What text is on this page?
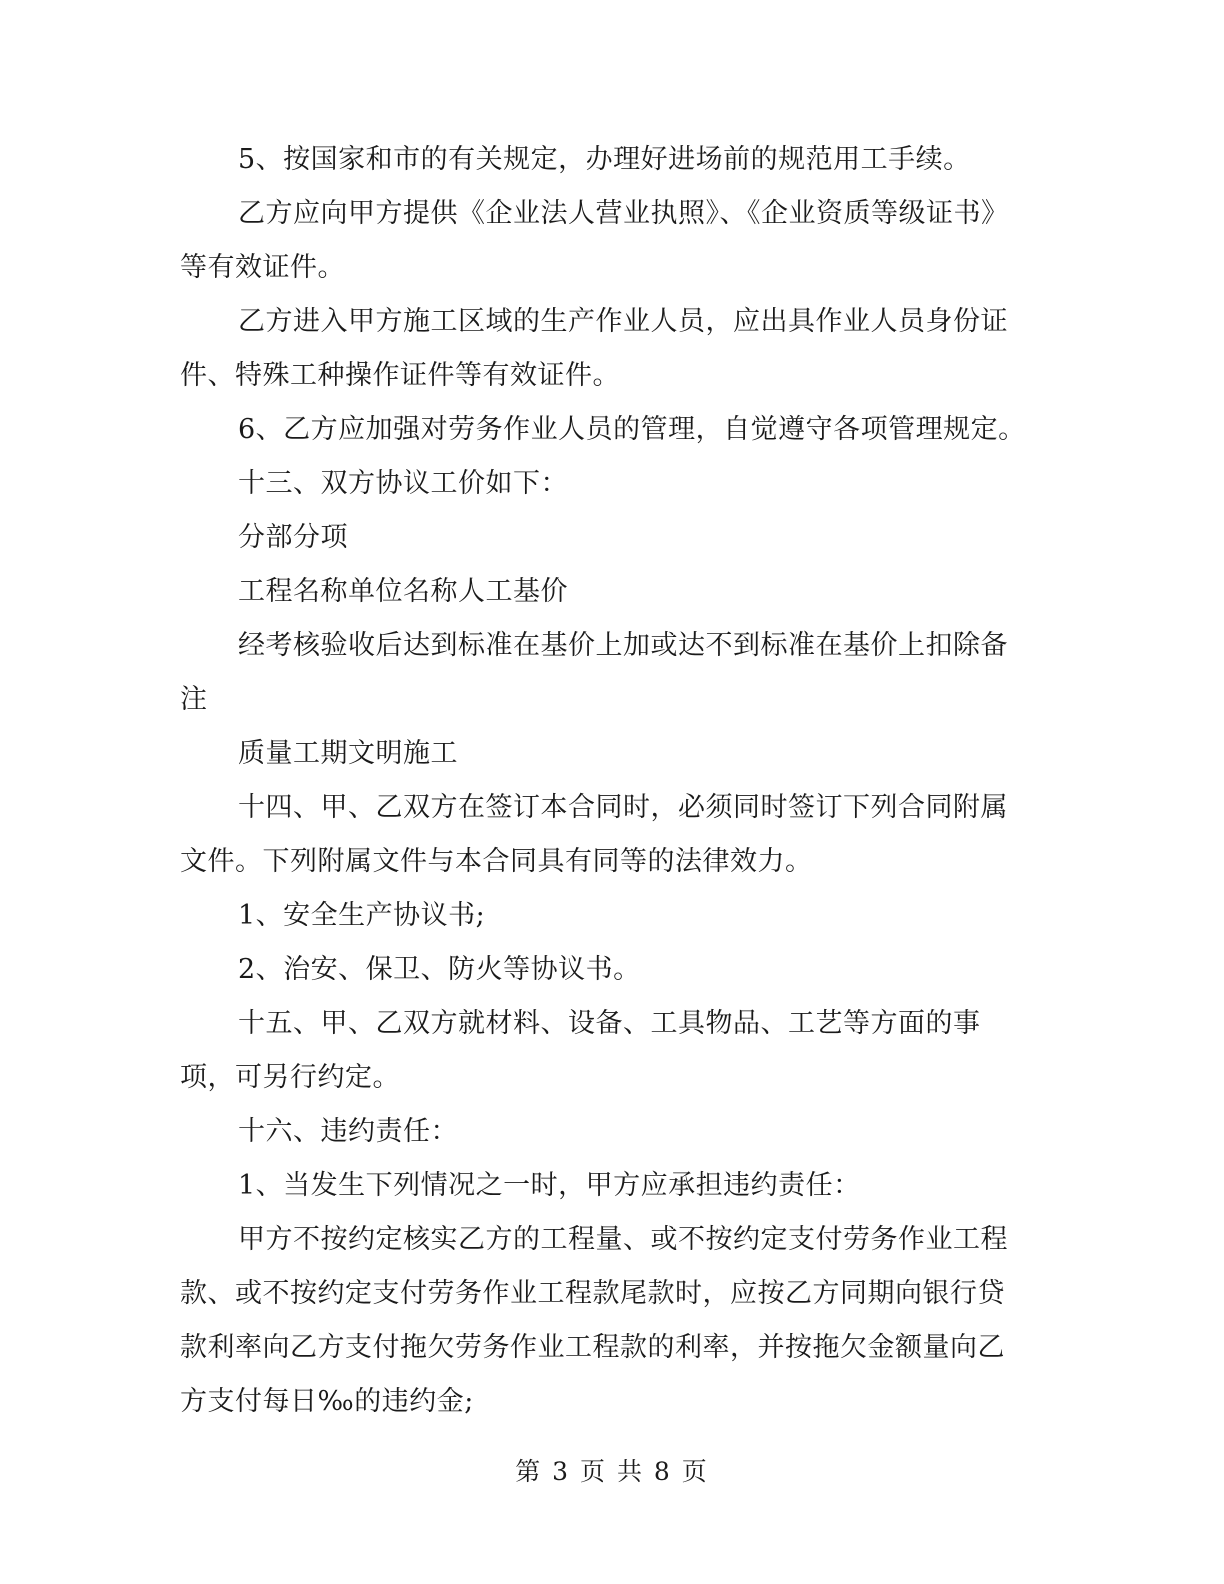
5、按国家和市的有关规定，办理好进场前的规范用工手续。

乙方应向甲方提供《企业法人营业执照》、《企业资质等级证书》等有效证件。

乙方进入甲方施工区域的生产作业人员，应出具作业人员身份证件、特殊工种操作证件等有效证件。

6、乙方应加强对劳务作业人员的管理，自觉遵守各项管理规定。

十三、双方协议工价如下：

分部分项

工程名称单位名称人工基价

经考核验收后达到标准在基价上加或达不到标准在基价上扣除备注

质量工期文明施工

十四、甲、乙双方在签订本合同时，必须同时签订下列合同附属文件。下列附属文件与本合同具有同等的法律效力。

1、安全生产协议书;

2、治安、保卫、防火等协议书。

十五、甲、乙双方就材料、设备、工具物品、工艺等方面的事项，可另行约定。

十六、违约责任：

1、当发生下列情况之一时，甲方应承担违约责任：

甲方不按约定核实乙方的工程量、或不按约定支付劳务作业工程款、或不按约定支付劳务作业工程款尾款时，应按乙方同期向银行贷款利率向乙方支付拖欠劳务作业工程款的利率，并按拖欠金额量向乙方支付每日‰的违约金;

第 3 页 共 8 页
